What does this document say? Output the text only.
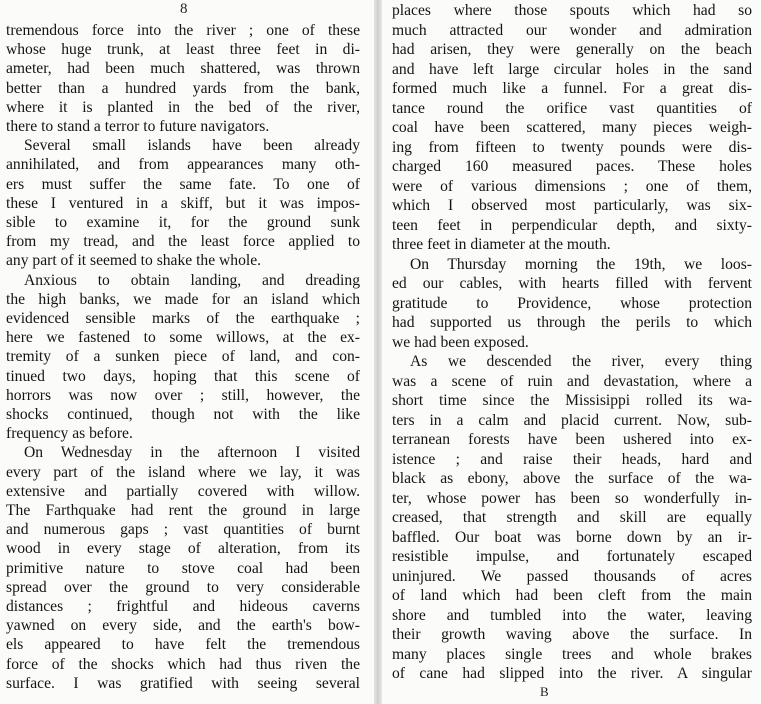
8
tremendous force into the river ; one of these
whose huge trunk, at least three feet in di-
ameter, had been much shattered, was thrown
better than a hundred yards from the bank,
where it is planted in the bed of the river,
there to stand a terror to future navigators.
Several small islands have been already
annihilated, and from appearances many oth-
ers must suffer the same fate. To one of
these I ventured in a skiff, but it was impos-
sible to examine it, for the ground sunk
from my tread, and the least force applied to
any part of it seemed to shake the whole.
Anxious to obtain landing, and dreading
the high banks, we made for an island which
evidenced sensible marks of the earthquake ;
here we fastened to some willows, at the ex-
tremity of a sunken piece of land, and con-
tinued two days, hoping that this scene of
horrors was now over ; still, however, the
shocks continued, though not with the like
frequency as before.
On Wednesday in the afternoon I visited
every part of the island where we lay, it was
extensive and partially covered with willow.
The Farthquake had rent the ground in large
and numerous gaps ; vast quantities of burnt
wood in every stage of alteration, from its
primitive nature to stove coal had been
spread over the ground to very considerable
distances ; frightful and hideous caverns
yawned on every side, and the earth's bow-
els appeared to have felt the tremendous
force of the shocks which had thus riven the
surface. I was gratified with seeing several
places where those spouts which had so
much attracted our wonder and admiration
had arisen, they were generally on the beach
and have left large circular holes in the sand
formed much like a funnel. For a great dis-
tance round the orifice vast quantities of
coal have been scattered, many pieces weigh-
ing from fifteen to twenty pounds were dis-
charged 160 measured paces. These holes
were of various dimensions ; one of them,
which I observed most particularly, was six-
teen feet in perpendicular depth, and sixty-
three feet in diameter at the mouth.
On Thursday morning the 19th, we loos-
ed our cables, with hearts filled with fervent
gratitude to Providence, whose protection
had supported us through the perils to which
we had been exposed.
As we descended the river, every thing
was a scene of ruin and devastation, where a
short time since the Missisippi rolled its wa-
ters in a calm and placid current. Now, sub-
terranean forests have been ushered into ex-
istence ; and raise their heads, hard and
black as ebony, above the surface of the wa-
ter, whose power has been so wonderfully in-
creased, that strength and skill are equally
baffled. Our boat was borne down by an ir-
resistible impulse, and fortunately escaped
uninjured. We passed thousands of acres
of land which had been cleft from the main
shore and tumbled into the water, leaving
their growth waving above the surface. In
many places single trees and whole brakes
of cane had slipped into the river. A singular
B
